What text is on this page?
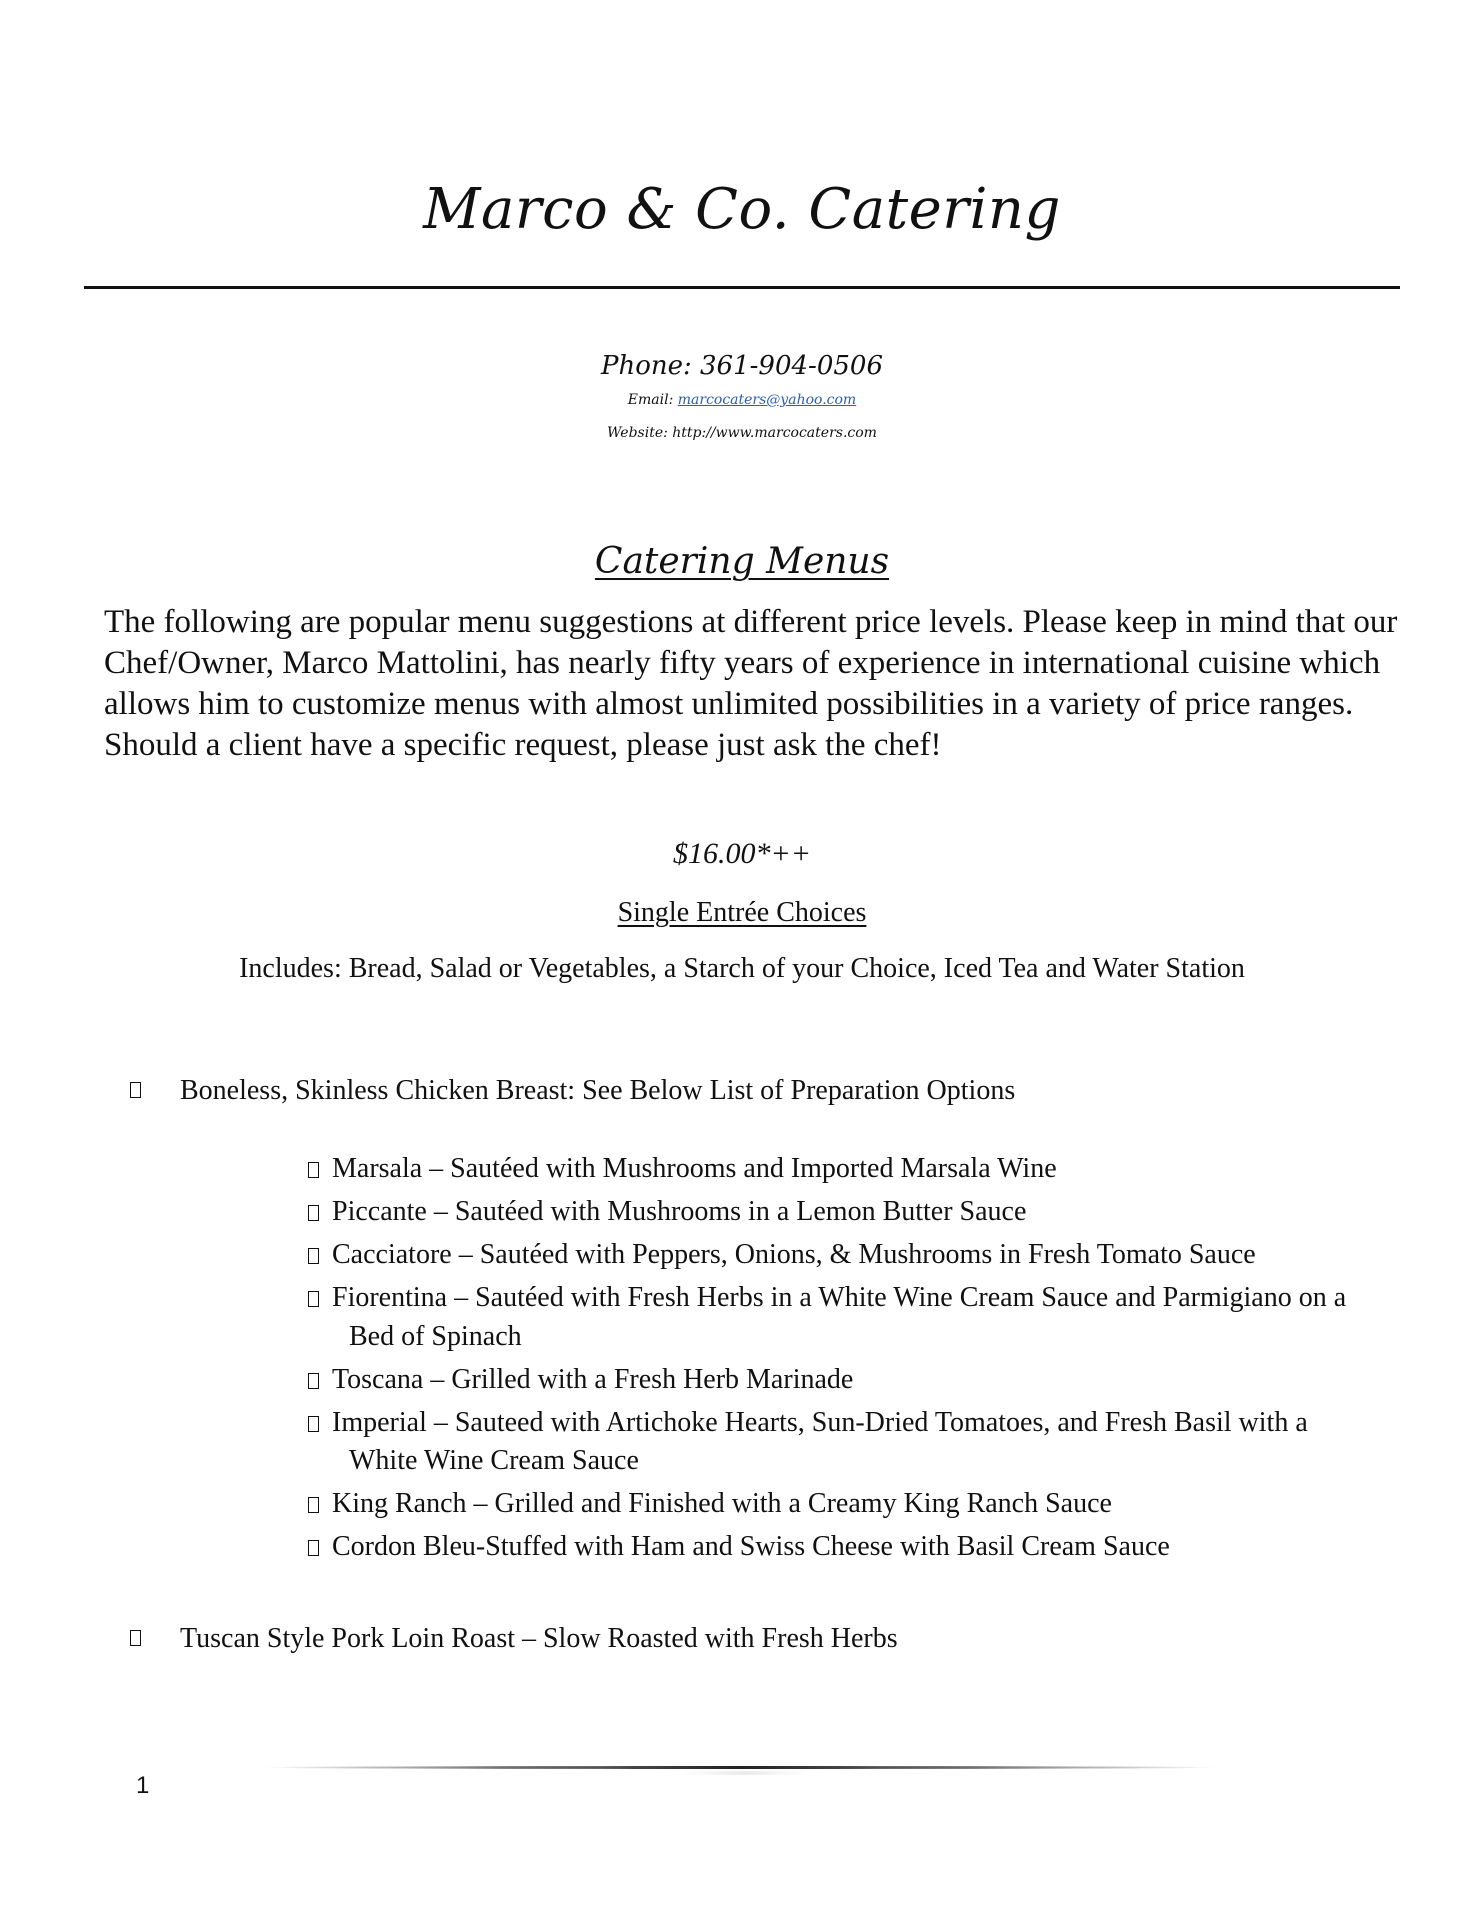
Marco & Co. Catering
Phone: 361-904-0506
Email: marcocaters@yahoo.com
Website: http://www.marcocaters.com
Catering Menus

The following are popular menu suggestions at different price levels. Please keep in mind that our Chef/Owner, Marco Mattolini, has nearly fifty years of experience in international cuisine which allows him to customize menus with almost unlimited possibilities in a variety of price ranges. Should a client have a specific request, please just ask the chef!

$16.00*++
Single Entrée Choices
Includes: Bread, Salad or Vegetables, a Starch of your Choice, Iced Tea and Water Station
Boneless, Skinless Chicken Breast: See Below List of Preparation Options
Marsala – Sautéed with Mushrooms and Imported Marsala Wine
Piccante – Sautéed with Mushrooms in a Lemon Butter Sauce
Cacciatore – Sautéed with Peppers, Onions, & Mushrooms in Fresh Tomato Sauce
Fiorentina – Sautéed with Fresh Herbs in a White Wine Cream Sauce and Parmigiano on a
Bed of Spinach
Toscana – Grilled with a Fresh Herb Marinade
Imperial – Sauteed with Artichoke Hearts, Sun-Dried Tomatoes, and Fresh Basil with a
White Wine Cream Sauce
King Ranch – Grilled and Finished with a Creamy King Ranch Sauce
Cordon Bleu-Stuffed with Ham and Swiss Cheese with Basil Cream Sauce
Tuscan Style Pork Loin Roast – Slow Roasted with Fresh Herbs
1
